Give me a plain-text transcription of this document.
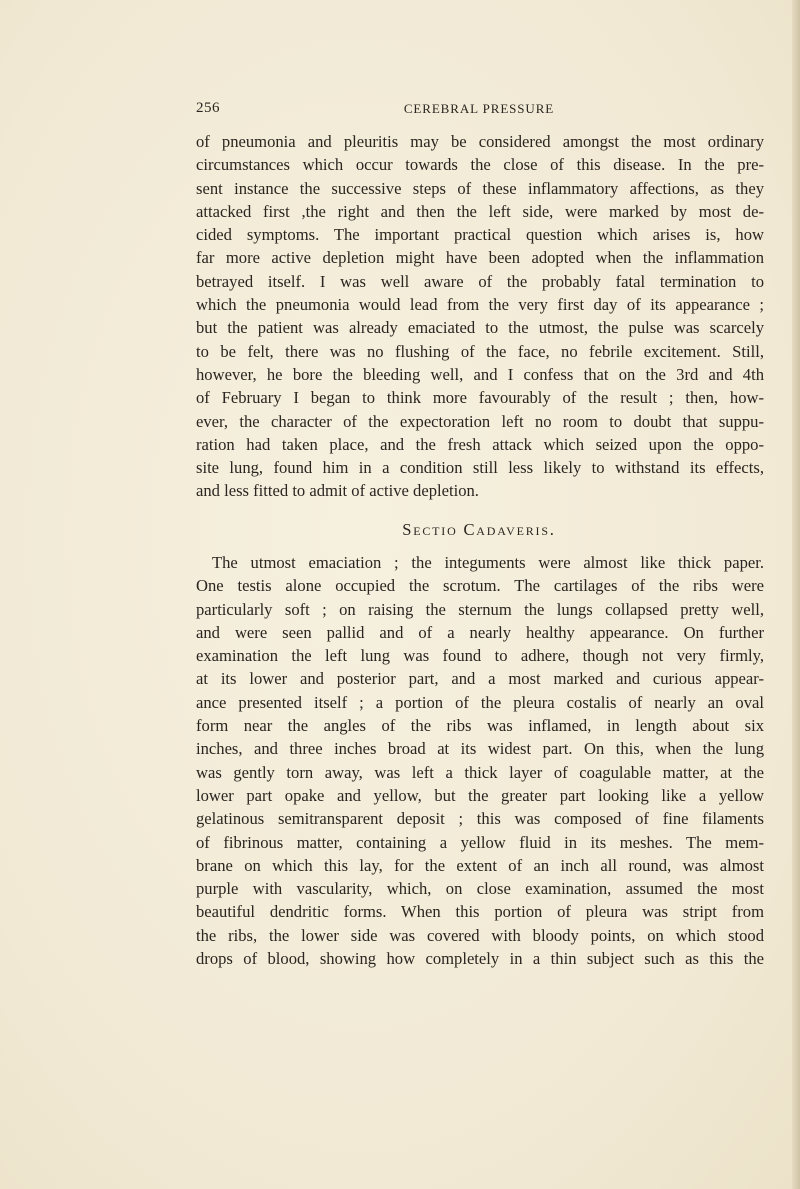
256	CEREBRAL PRESSURE
of pneumonia and pleuritis may be considered amongst the most ordinary
circumstances which occur towards the close of this disease. In the pre-
sent instance the successive steps of these inflammatory affections, as they
attacked first ,the right and then the left side, were marked by most de-
cided symptoms. The important practical question which arises is, how
far more active depletion might have been adopted when the inflammation
betrayed itself. I was well aware of the probably fatal termination to
which the pneumonia would lead from the very first day of its appearance ;
but the patient was already emaciated to the utmost, the pulse was scarcely
to be felt, there was no flushing of the face, no febrile excitement. Still,
however, he bore the bleeding well, and I confess that on the 3rd and 4th
of February I began to think more favourably of the result ; then, how-
ever, the character of the expectoration left no room to doubt that suppu-
ration had taken place, and the fresh attack which seized upon the oppo-
site lung, found him in a condition still less likely to withstand its effects,
and less fitted to admit of active depletion.
Sectio Cadaveris.
The utmost emaciation ; the integuments were almost like thick paper.
One testis alone occupied the scrotum. The cartilages of the ribs were
particularly soft ; on raising the sternum the lungs collapsed pretty well,
and were seen pallid and of a nearly healthy appearance. On further
examination the left lung was found to adhere, though not very firmly,
at its lower and posterior part, and a most marked and curious appear-
ance presented itself ; a portion of the pleura costalis of nearly an oval
form near the angles of the ribs was inflamed, in length about six
inches, and three inches broad at its widest part. On this, when the lung
was gently torn away, was left a thick layer of coagulable matter, at the
lower part opake and yellow, but the greater part looking like a yellow
gelatinous semitransparent deposit ; this was composed of fine filaments
of fibrinous matter, containing a yellow fluid in its meshes. The mem-
brane on which this lay, for the extent of an inch all round, was almost
purple with vascularity, which, on close examination, assumed the most
beautiful dendritic forms. When this portion of pleura was stript from
the ribs, the lower side was covered with bloody points, on which stood
drops of blood, showing how completely in a thin subject such as this the
